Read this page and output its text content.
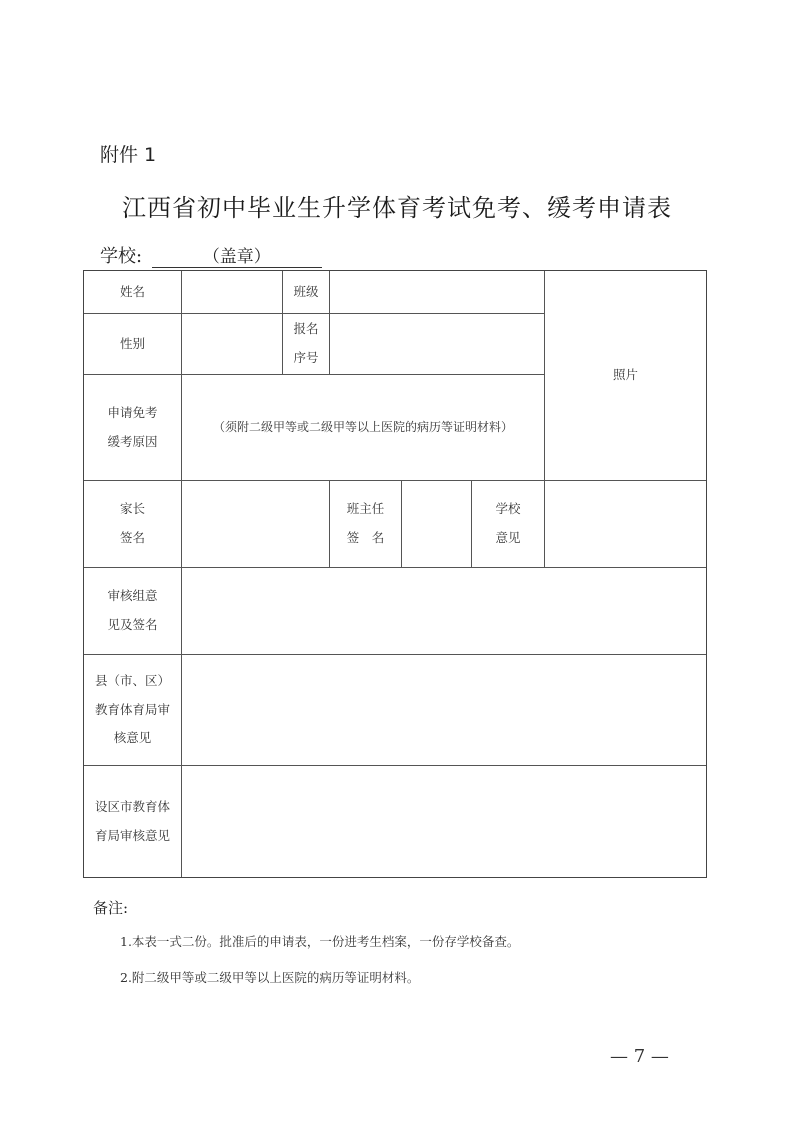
附件 1
江西省初中毕业生升学体育考试免考、缓考申请表
学校:	（盖章）
姓名	班级
性别
报名
序号
照片
申请免考
缓考原因
（须附二级甲等或二级甲等以上医院的病历等证明材料）
家长
签名
班主任
签　名
学校
意见
审核组意
见及签名
县（市、区）
教育体育局审
核意见
设区市教育体
育局审核意见
备注:
1.本表一式二份。批准后的申请表，一份进考生档案，一份存学校备查。
2.附二级甲等或二级甲等以上医院的病历等证明材料。
— 7 —
